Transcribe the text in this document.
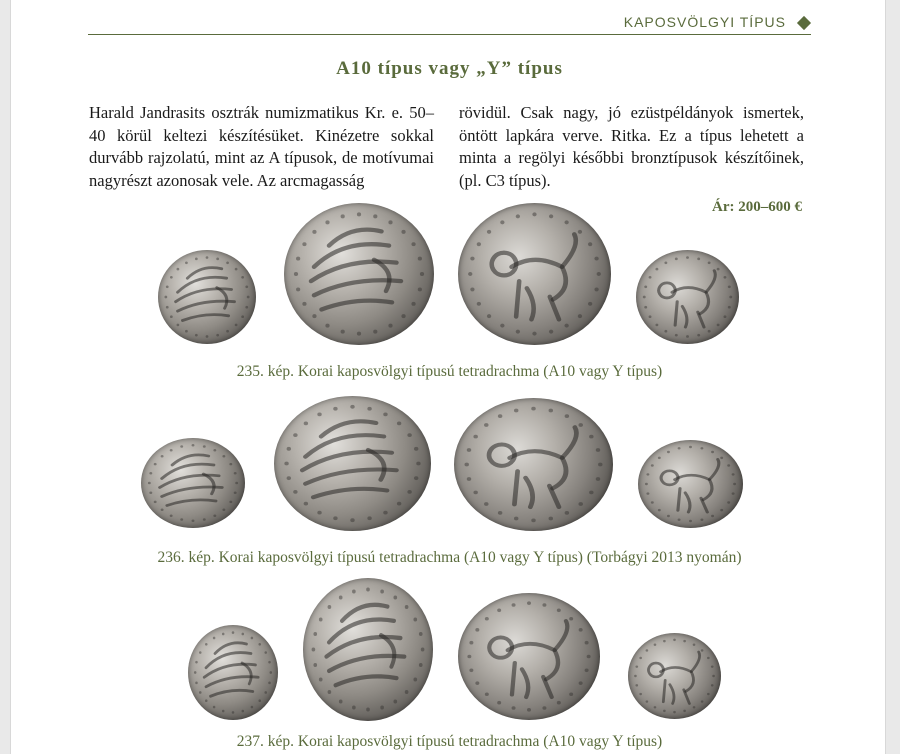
KAPOSVÖLGYI TÍPUS
A10 típus vagy „Y” típus
Harald Jandrasits osztrák numizmatikus Kr. e. 50–40 körül keltezi készítésüket. Kinézetre sokkal durvább rajzolatú, mint az A típusok, de motívumai nagyrészt azonosak vele. Az arcmagasság
rövidül. Csak nagy, jó ezüstpéldányok ismertek, öntött lapkára verve. Ritka. Ez a típus lehetett a minta a regölyi későbbi bronztípusok készítőinek, (pl. C3 típus).
Ár: 200–600 €
235. kép. Korai kaposvölgyi típusú tetradrachma (A10 vagy Y típus)
236. kép. Korai kaposvölgyi típusú tetradrachma (A10 vagy Y típus) (Torbágyi 2013 nyomán)
237. kép. Korai kaposvölgyi típusú tetradrachma (A10 vagy Y típus)
